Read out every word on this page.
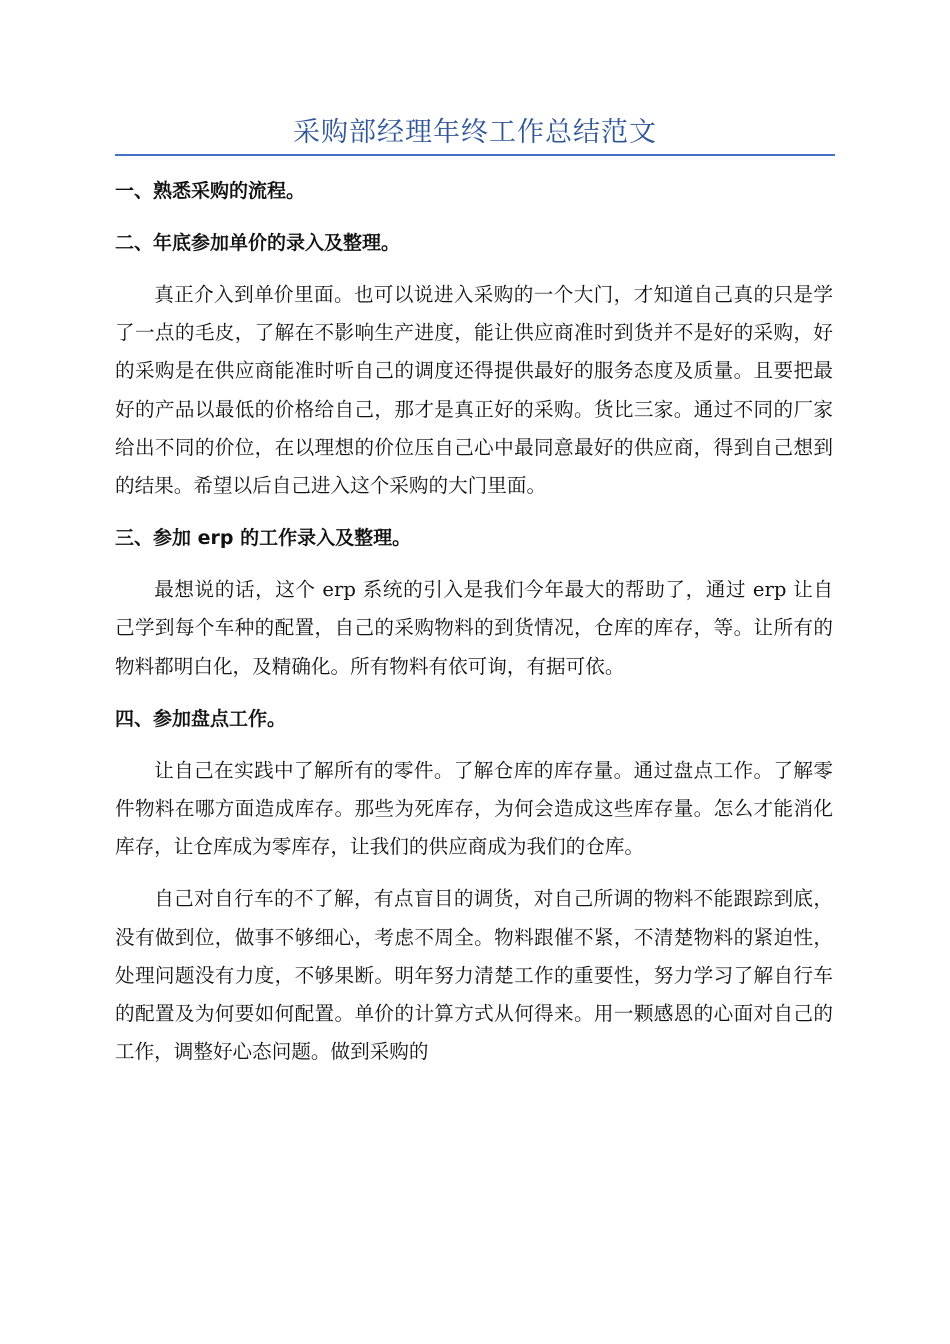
采购部经理年终工作总结范文
一、熟悉采购的流程。
二、年底参加单价的录入及整理。
真正介入到单价里面。也可以说进入采购的一个大门，才知道自己真的只是学了一点的毛皮，了解在不影响生产进度，能让供应商准时到货并不是好的采购，好的采购是在供应商能准时听自己的调度还得提供最好的服务态度及质量。且要把最好的产品以最低的价格给自己，那才是真正好的采购。货比三家。通过不同的厂家给出不同的价位，在以理想的价位压自己心中最同意最好的供应商，得到自己想到的结果。希望以后自己进入这个采购的大门里面。
三、参加 erp 的工作录入及整理。
最想说的话，这个 erp 系统的引入是我们今年最大的帮助了，通过 erp 让自己学到每个车种的配置，自己的采购物料的到货情况，仓库的库存，等。让所有的物料都明白化，及精确化。所有物料有依可询，有据可依。
四、参加盘点工作。
让自己在实践中了解所有的零件。了解仓库的库存量。通过盘点工作。了解零件物料在哪方面造成库存。那些为死库存，为何会造成这些库存量。怎么才能消化库存，让仓库成为零库存，让我们的供应商成为我们的仓库。
自己对自行车的不了解，有点盲目的调货，对自己所调的物料不能跟踪到底，没有做到位，做事不够细心，考虑不周全。物料跟催不紧，不清楚物料的紧迫性，处理问题没有力度，不够果断。明年努力清楚工作的重要性，努力学习了解自行车的配置及为何要如何配置。单价的计算方式从何得来。用一颗感恩的心面对自己的工作，调整好心态问题。做到采购的
